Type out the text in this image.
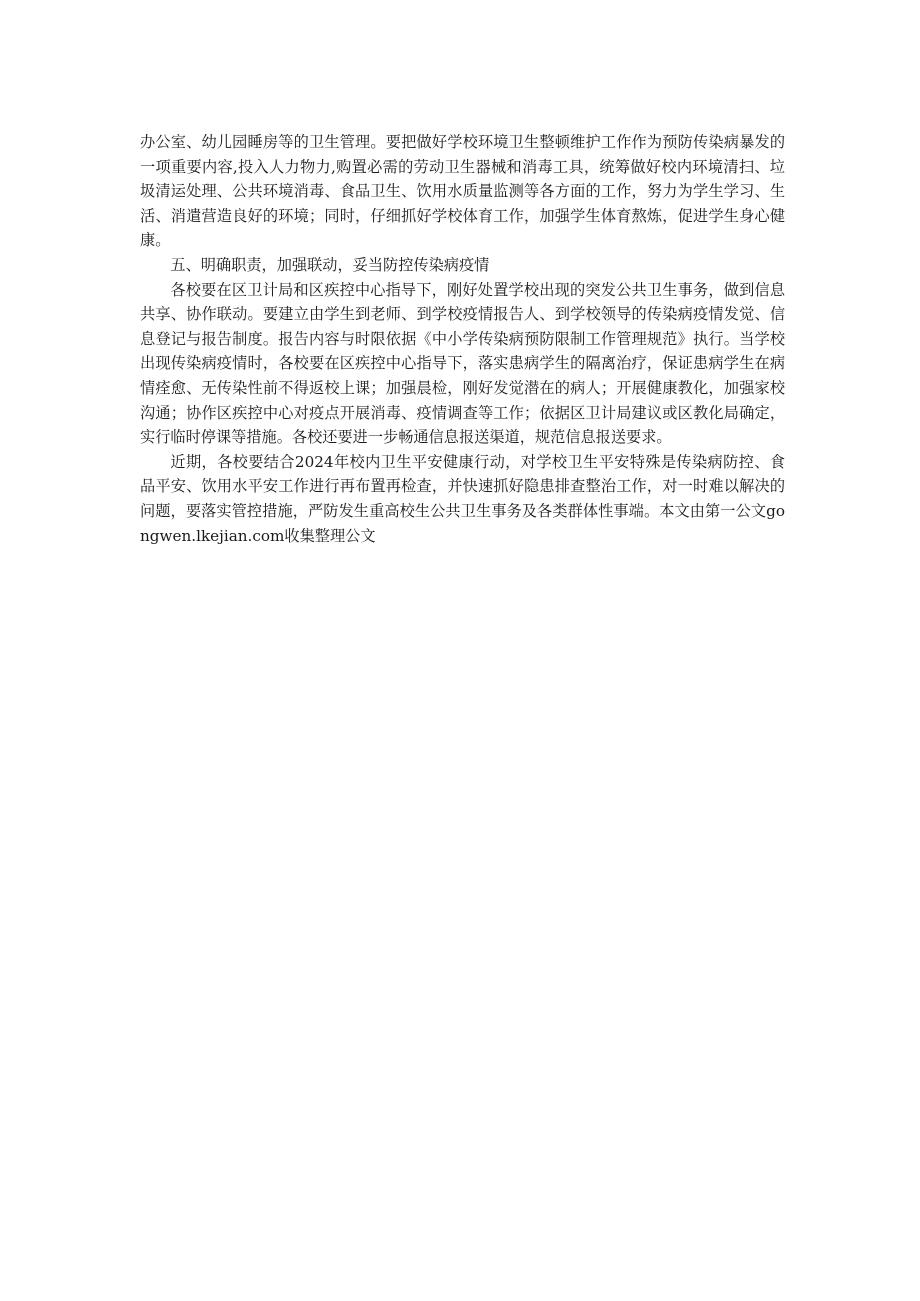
办公室、幼儿园睡房等的卫生管理。要把做好学校环境卫生整顿维护工作作为预防传染病暴发的一项重要内容,投入人力物力,购置必需的劳动卫生器械和消毒工具，统筹做好校内环境清扫、垃圾清运处理、公共环境消毒、食品卫生、饮用水质量监测等各方面的工作，努力为学生学习、生活、消遣营造良好的环境；同时，仔细抓好学校体育工作，加强学生体育熬炼，促进学生身心健康。

五、明确职责，加强联动，妥当防控传染病疫情

各校要在区卫计局和区疾控中心指导下，刚好处置学校出现的突发公共卫生事务，做到信息共享、协作联动。要建立由学生到老师、到学校疫情报告人、到学校领导的传染病疫情发觉、信息登记与报告制度。报告内容与时限依据《中小学传染病预防限制工作管理规范》执行。当学校出现传染病疫情时，各校要在区疾控中心指导下，落实患病学生的隔离治疗，保证患病学生在病情痊愈、无传染性前不得返校上课；加强晨检，刚好发觉潜在的病人；开展健康教化，加强家校沟通；协作区疾控中心对疫点开展消毒、疫情调查等工作；依据区卫计局建议或区教化局确定，实行临时停课等措施。各校还要进一步畅通信息报送渠道，规范信息报送要求。

近期，各校要结合2024年校内卫生平安健康行动，对学校卫生平安特殊是传染病防控、食品平安、饮用水平安工作进行再布置再检查，并快速抓好隐患排查整治工作，对一时难以解决的问题，要落实管控措施，严防发生重高校生公共卫生事务及各类群体性事端。本文由第一公文gongwen.lkejian.com收集整理公文
